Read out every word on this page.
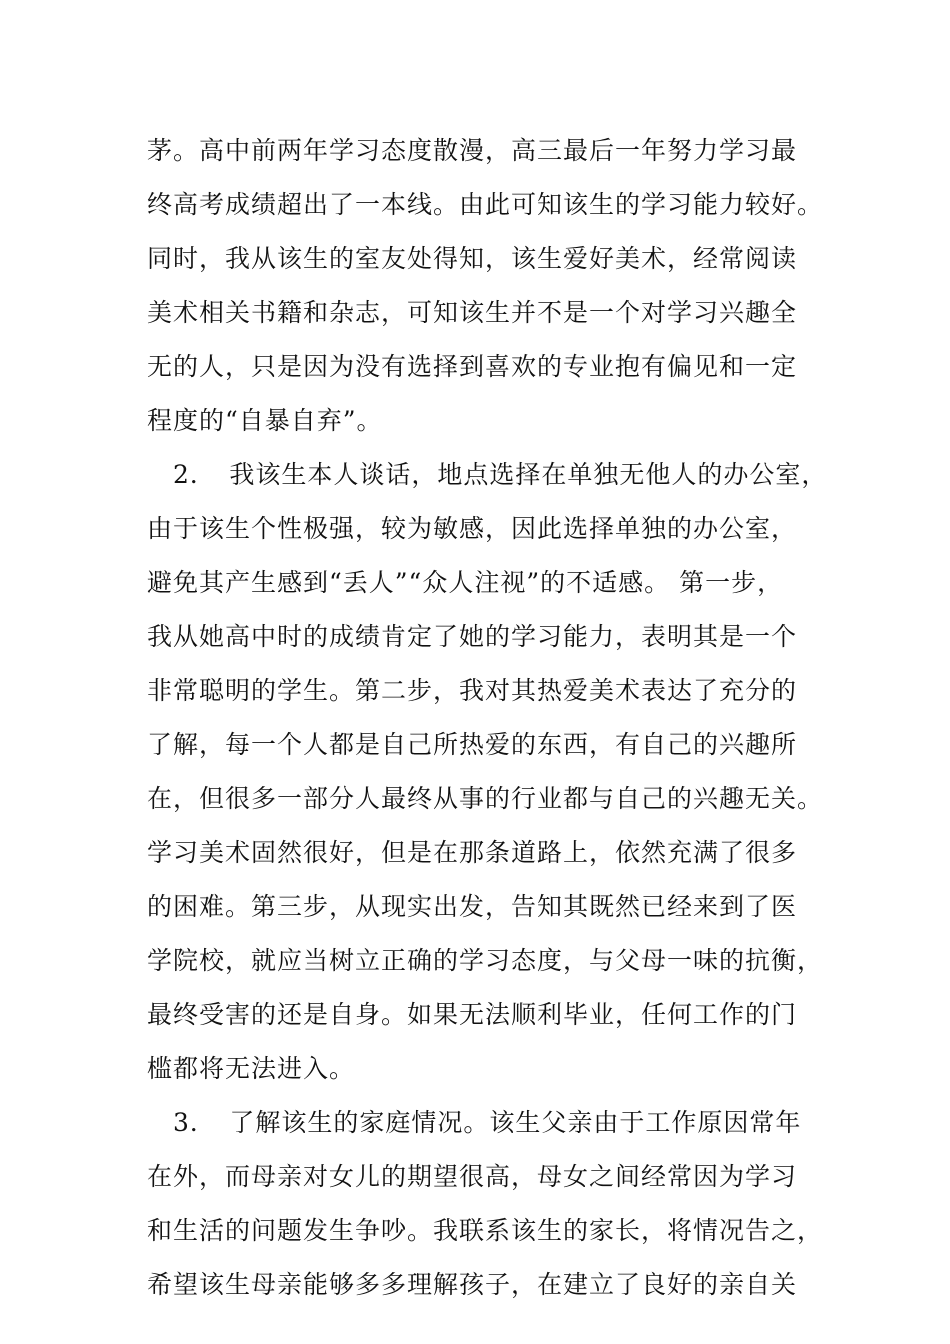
茅。高中前两年学习态度散漫，高三最后一年努力学习最
终高考成绩超出了一本线。由此可知该生的学习能力较好。
同时，我从该生的室友处得知，该生爱好美术，经常阅读
美术相关书籍和杂志，可知该生并不是一个对学习兴趣全
无的人，只是因为没有选择到喜欢的专业抱有偏见和一定
程度的“自暴自弃”。
　2．　我该生本人谈话，地点选择在单独无他人的办公室，
由于该生个性极强，较为敏感，因此选择单独的办公室，
避免其产生感到“丢人”“众人注视”的不适感。 第一步，
我从她高中时的成绩肯定了她的学习能力，表明其是一个
非常聪明的学生。第二步，我对其热爱美术表达了充分的
了解，每一个人都是自己所热爱的东西，有自己的兴趣所
在，但很多一部分人最终从事的行业都与自己的兴趣无关。
学习美术固然很好，但是在那条道路上，依然充满了很多
的困难。第三步，从现实出发，告知其既然已经来到了医
学院校，就应当树立正确的学习态度，与父母一味的抗衡，
最终受害的还是自身。如果无法顺利毕业，任何工作的门
槛都将无法进入。
　3．　了解该生的家庭情况。该生父亲由于工作原因常年
在外，而母亲对女儿的期望很高，母女之间经常因为学习
和生活的问题发生争吵。我联系该生的家长，将情况告之，
希望该生母亲能够多多理解孩子，在建立了良好的亲自关
